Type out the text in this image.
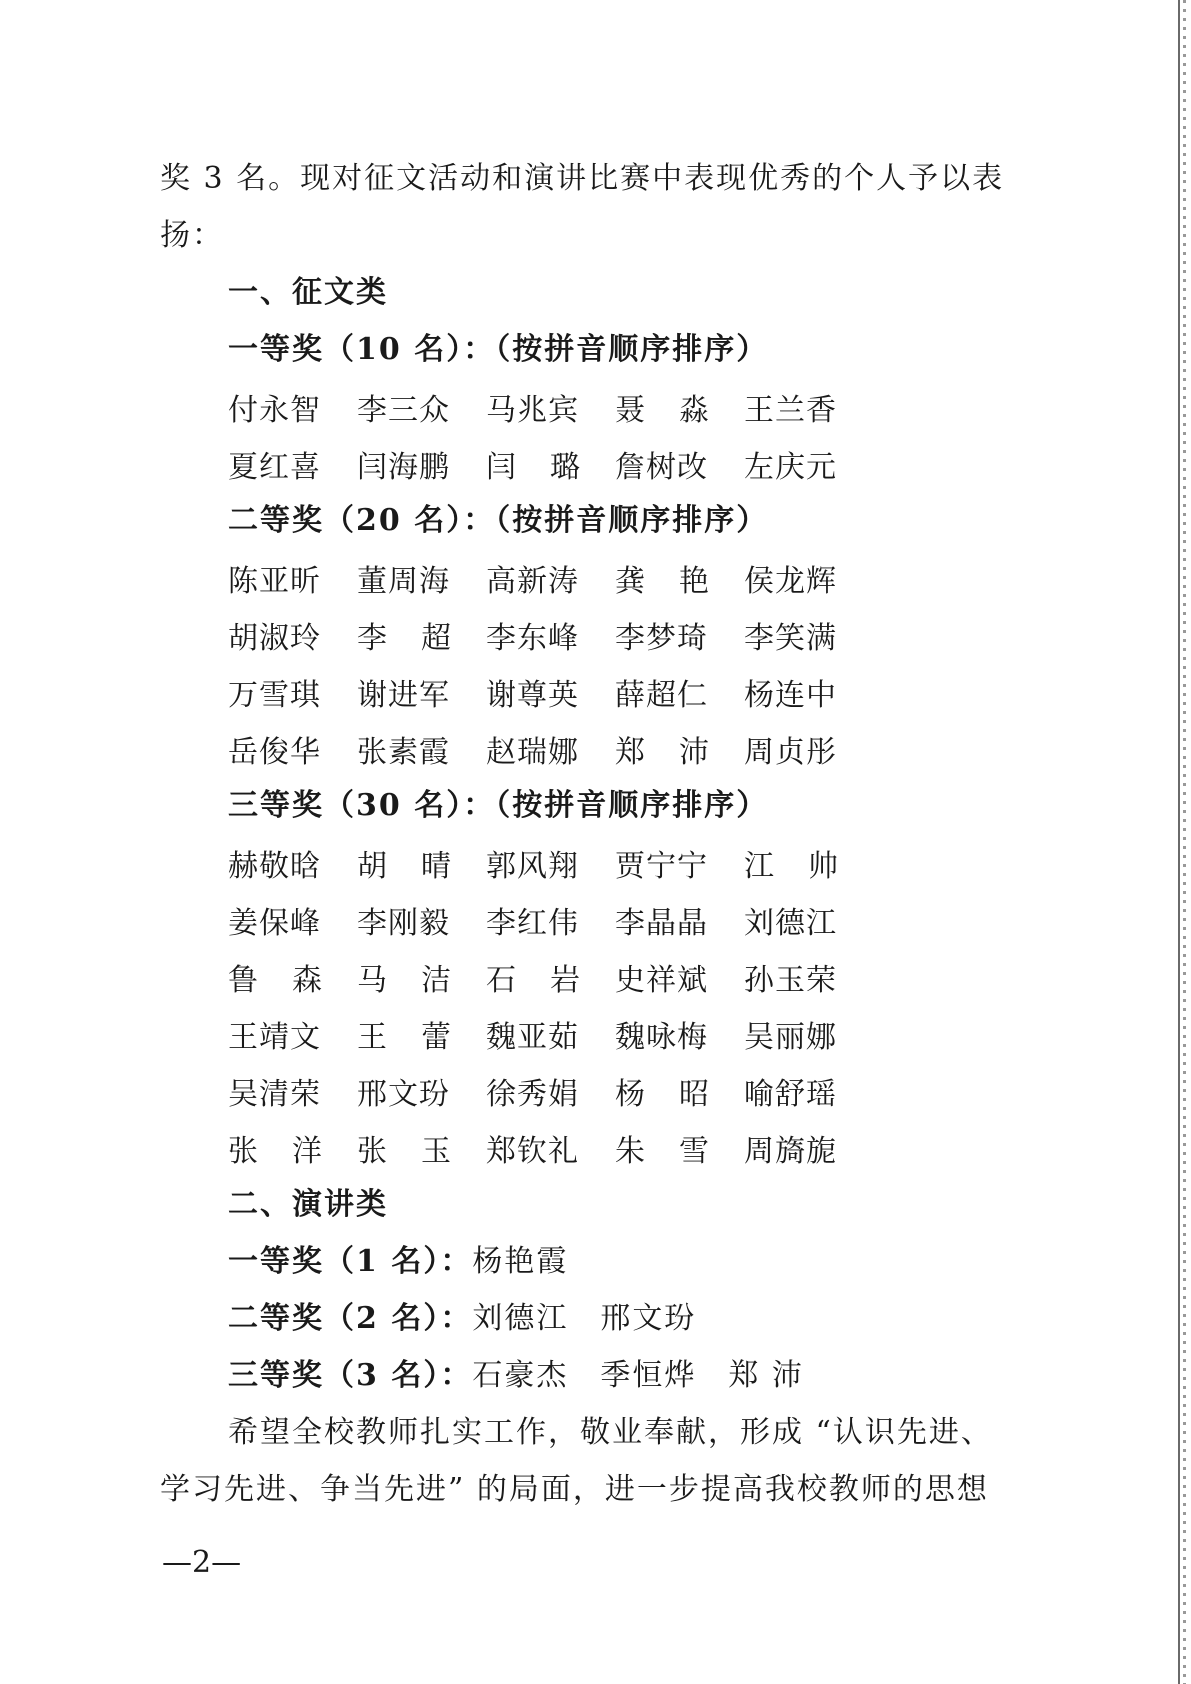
奖 3 名。现对征文活动和演讲比赛中表现优秀的个人予以表
扬：
一、征文类
一等奖（10 名）：（按拼音顺序排序）
付永智	李三众	马兆宾	聂 淼	王兰香
夏红喜	闫海鹏	闫 璐	詹树改	左庆元
二等奖（20 名）：（按拼音顺序排序）
陈亚昕	董周海	高新涛	龚 艳	侯龙辉
胡淑玲	李 超	李东峰	李梦琦	李笑满
万雪琪	谢进军	谢尊英	薛超仁	杨连中
岳俊华	张素霞	赵瑞娜	郑 沛	周贞彤
三等奖（30 名）：（按拼音顺序排序）
赫敬晗	胡 晴	郭风翔	贾宁宁	江 帅
姜保峰	李刚毅	李红伟	李晶晶	刘德江
鲁 森	马 洁	石 岩	史祥斌	孙玉荣
王靖文	王 蕾	魏亚茹	魏咏梅	吴丽娜
吴清荣	邢文玢	徐秀娟	杨 昭	喻舒瑶
张 洋	张 玉	郑钦礼	朱 雪	周旖旎
二、演讲类
一等奖（1 名）：杨艳霞
二等奖（2 名）：刘德江 邢文玢
三等奖（3 名）：石豪杰 季恒烨 郑 沛
希望全校教师扎实工作，敬业奉献，形成 “认识先进、
学习先进、争当先进” 的局面，进一步提高我校教师的思想
—2—
